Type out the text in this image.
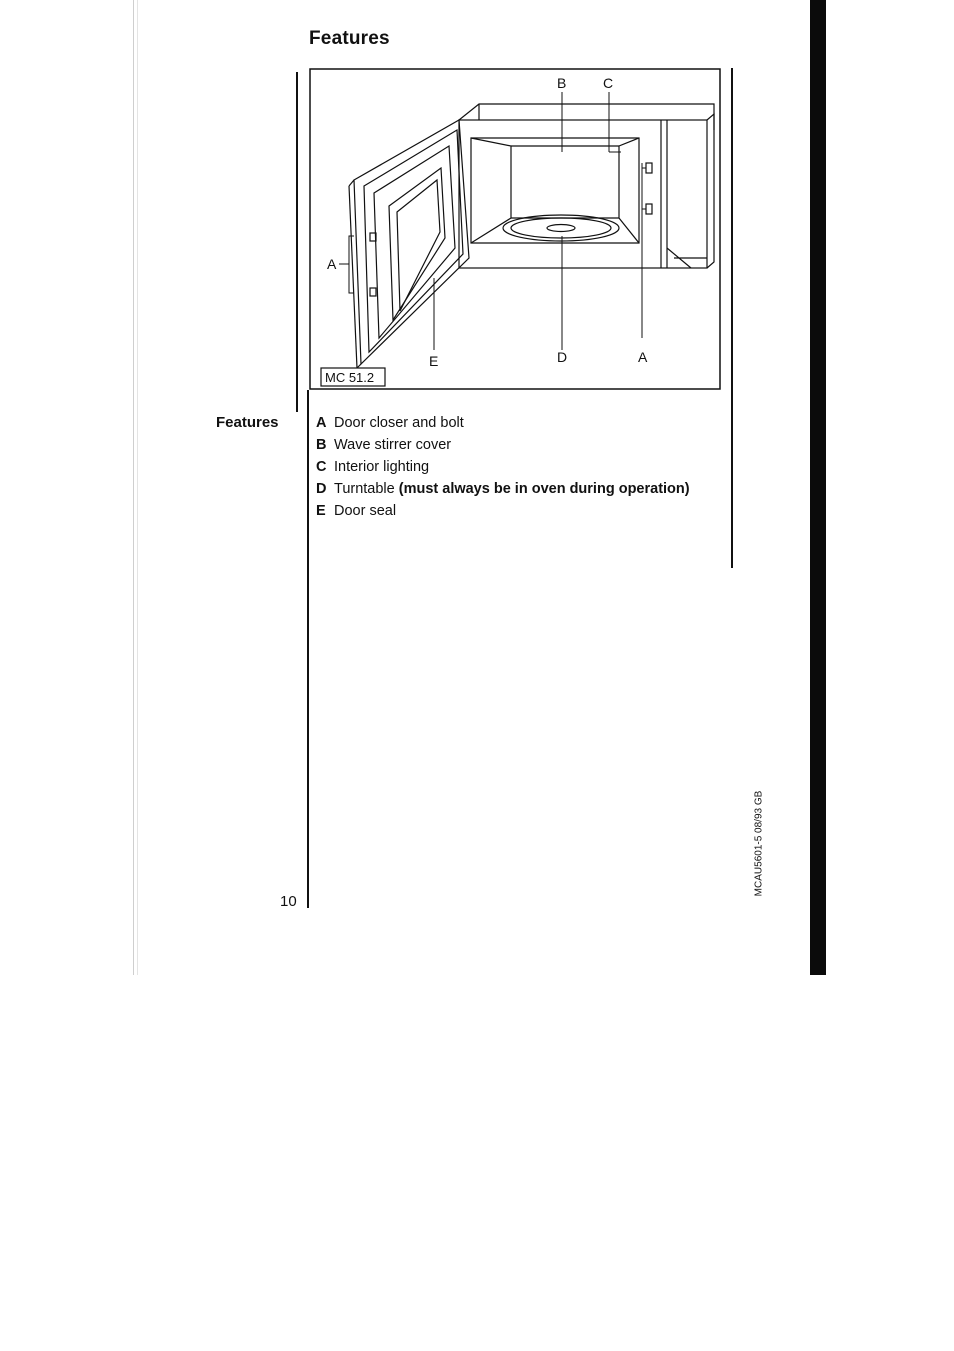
Features
B	C
A
E	D	A
MC 51.2
Features	A Door closer and bolt
B Wave stirrer cover
C Interior lighting
D Turntable (must always be in oven during operation)
E Door seal
MCAU5601-5 08/93 GB
10
